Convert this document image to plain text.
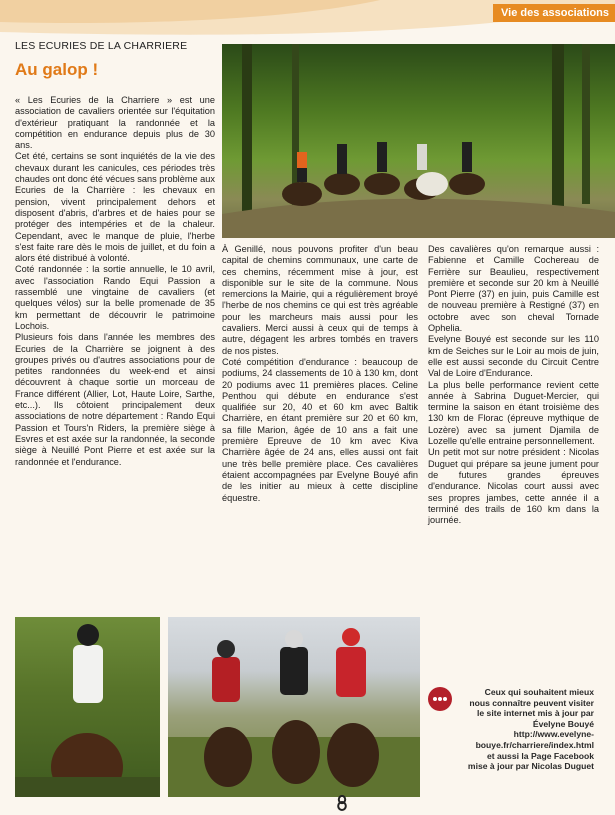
Vie des associations
LES ECURIES DE LA CHARRIERE
Au galop !

« Les Ecuries de la Charriere » est une association de cavaliers orientée sur l'équitation d'extérieur pratiquant la randonnée et la compétition en endurance depuis plus de 30 ans.

Cet été, certains se sont inquiétés de la vie des chevaux durant les canicules, ces périodes très chaudes ont donc été vécues sans problème aux Ecuries de la Charrière : les chevaux en pension, vivent principalement dehors et disposent d'abris, d'arbres et de haies pour se protéger des intempéries et de la chaleur. Cependant, avec le manque de pluie, l'herbe s'est faite rare dès le mois de juillet, et du foin a alors été distribué à volonté.

Coté randonnée : la sortie annuelle, le 10 avril, avec l'association Rando Equi Passion a rassemblé une vingtaine de cavaliers (et quelques vélos) sur la belle promenade de 35 km permettant de découvrir le patrimoine Lochois.

Plusieurs fois dans l'année les membres des Ecuries de la Charrière se joignent à des groupes privés ou d'autres associations pour de petites randonnées du week-end et ainsi découvrent à chaque sortie un morceau de France différent (Allier, Lot, Haute Loire, Sarthe, etc...). Ils côtoient principalement deux associations de notre département : Rando Equi Passion et Tours'n Riders, la première siège à Esvres et est axée sur la randonnée, la seconde siège à Neuillé Pont Pierre et est axée sur la randonnée et l'endurance.

À Genillé, nous pouvons profiter d'un beau capital de chemins communaux, une carte de ces chemins, récemment mise à jour, est disponible sur le site de la commune. Nous remercions la Mairie, qui a régulièrement broyé l'herbe de nos chemins ce qui est très agréable pour les marcheurs mais aussi pour les cavaliers. Merci aussi à ceux qui de temps à autre, dégagent les arbres tombés en travers de nos pistes.

Coté compétition d'endurance : beaucoup de podiums, 24 classements de 10 à 130 km, dont 20 podiums avec 11 premières places. Celine Penthou qui débute en endurance s'est qualifiée sur 20, 40 et 60 km avec Baltik Charrière, en étant première sur 20 et 60 km, sa fille Marion, âgée de 10 ans a fait une première Epreuve de 10 km avec Kiva Charrière âgée de 24 ans, elles aussi ont fait une très belle première place. Ces cavalières étaient accompagnées par Evelyne Bouyé afin de les initier au mieux à cette discipline équestre.

Des cavalières qu'on remarque aussi : Fabienne et Camille Cochereau de Ferrière sur Beaulieu, respectivement première et seconde sur 20 km à Neuillé Pont Pierre (37) en juin, puis Camille est de nouveau première à Restigné (37) en octobre avec son cheval Tornade Ophelia.

Evelyne Bouyé est seconde sur les 110 km de Seiches sur le Loir au mois de juin, elle est aussi seconde du Circuit Centre Val de Loire d'Endurance.

La plus belle performance revient cette année à Sabrina Duguet-Mercier, qui termine la saison en étant troisième des 130 km de Florac (épreuve mythique de Lozère) avec sa jument Djamila de Lozelle qu'elle entraine personnellement.

Un petit mot sur notre président : Nicolas Duguet qui prépare sa jeune jument pour de futures grandes épreuves d'endurance. Nicolas court aussi avec ses propres jambes, cette année il a terminé des trails de 160 km dans la journée.

Ceux qui souhaitent mieux nous connaître peuvent visiter le site internet mis à jour par Évelyne Bouyé http://www.evelyne-bouye.fr/charriere/index.html et aussi la Page Facebook mise à jour par Nicolas Duguet
